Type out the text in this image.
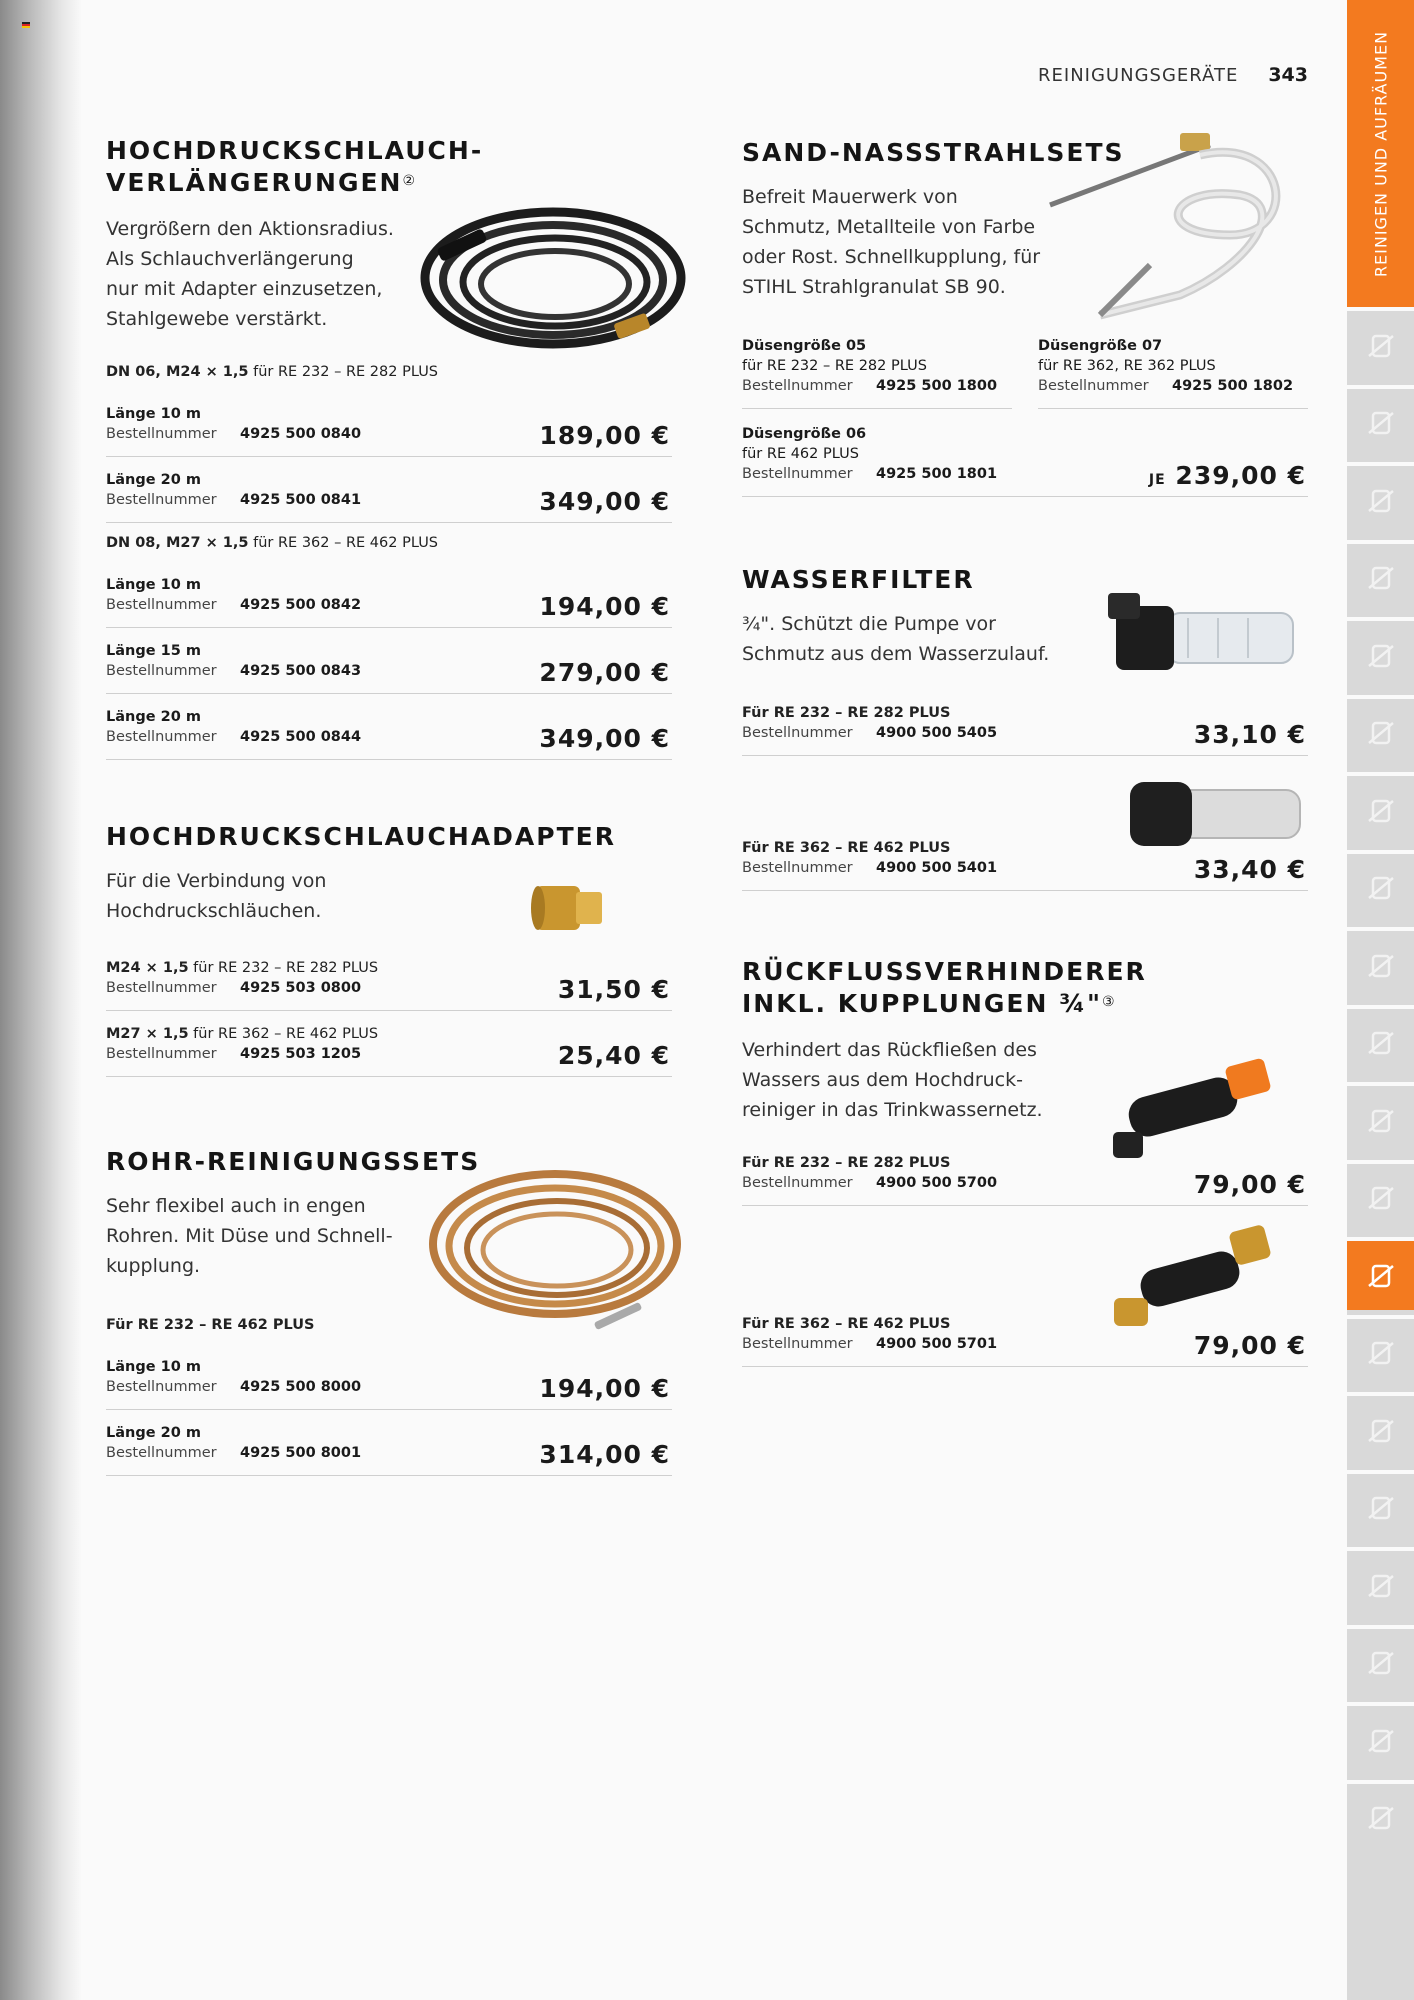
REINIGUNGSGERÄTE 343
HOCHDRUCKSCHLAUCH-
VERLÄNGERUNGEN②

Vergrößern den Aktionsradius.

Als Schlauchverlängerung

nur mit Adapter einzusetzen,

Stahlgewebe verstärkt.

DN 06, M24 × 1,5 für RE 232 – RE 282 PLUS
Länge 10 m
Bestellnummer 4925 500 0840	189,00 €
Länge 20 m
Bestellnummer 4925 500 0841	349,00 €
DN 08, M27 × 1,5 für RE 362 – RE 462 PLUS
Länge 10 m
Bestellnummer 4925 500 0842	194,00 €
Länge 15 m
Bestellnummer 4925 500 0843	279,00 €
Länge 20 m
Bestellnummer 4925 500 0844	349,00 €
HOCHDRUCKSCHLAUCHADAPTER

Für die Verbindung von

Hochdruckschläuchen.

M24 × 1,5 für RE 232 – RE 282 PLUS
Bestellnummer 4925 503 0800	31,50 €
M27 × 1,5 für RE 362 – RE 462 PLUS
Bestellnummer 4925 503 1205	25,40 €
ROHR-REINIGUNGSSETS

Sehr flexibel auch in engen

Rohren. Mit Düse und Schnell-

kupplung.

Für RE 232 – RE 462 PLUS
Länge 10 m
Bestellnummer 4925 500 8000	194,00 €
Länge 20 m
Bestellnummer 4925 500 8001	314,00 €
SAND-NASSSTRAHLSETS

Befreit Mauerwerk von

Schmutz, Metallteile von Farbe

oder Rost. Schnellkupplung, für

STIHL Strahlgranulat SB 90.

Düsengröße 05
für RE 232 – RE 282 PLUS
Bestellnummer 4925 500 1800
Düsengröße 07
für RE 362, RE 362 PLUS
Bestellnummer 4925 500 1802
Düsengröße 06
für RE 462 PLUS
Bestellnummer 4925 500 1801	JE 239,00 €
WASSERFILTER

¾". Schützt die Pumpe vor

Schmutz aus dem Wasserzulauf.

Für RE 232 – RE 282 PLUS
Bestellnummer 4900 500 5405	33,10 €
Für RE 362 – RE 462 PLUS
Bestellnummer 4900 500 5401	33,40 €
RÜCKFLUSSVERHINDERER
INKL. KUPPLUNGEN ¾"③

Verhindert das Rückfließen des

Wassers aus dem Hochdruck-

reiniger in das Trinkwassernetz.

Für RE 232 – RE 282 PLUS
Bestellnummer 4900 500 5700	79,00 €
Für RE 362 – RE 462 PLUS
Bestellnummer 4900 500 5701	79,00 €
REINIGEN UND AUFRÄUMEN
